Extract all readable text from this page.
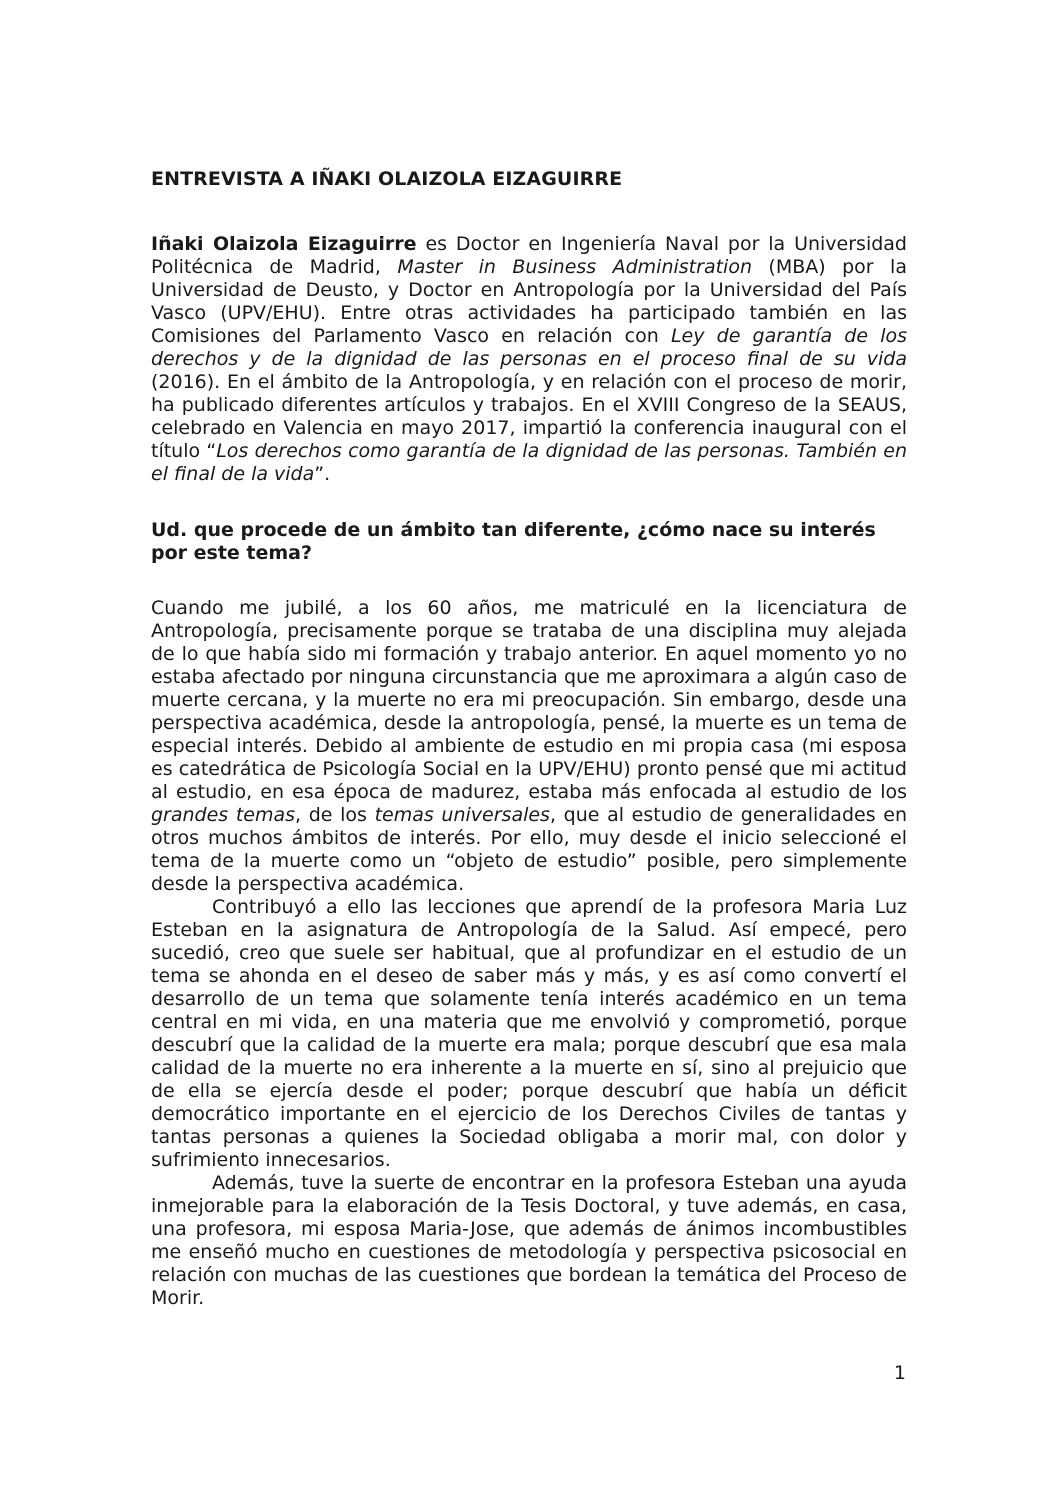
ENTREVISTA A IÑAKI OLAIZOLA EIZAGUIRRE

Iñaki Olaizola Eizaguirre es Doctor en Ingeniería Naval por la Universidad Politécnica de Madrid, Master in Business Administration (MBA) por la Universidad de Deusto, y Doctor en Antropología por la Universidad del País Vasco (UPV/EHU). Entre otras actividades ha participado también en las Comisiones del Parlamento Vasco en relación con Ley de garantía de los derechos y de la dignidad de las personas en el proceso final de su vida (2016). En el ámbito de la Antropología, y en relación con el proceso de morir, ha publicado diferentes artículos y trabajos. En el XVIII Congreso de la SEAUS, celebrado en Valencia en mayo 2017, impartió la conferencia inaugural con el título “Los derechos como garantía de la dignidad de las personas. También en el final de la vida”.

Ud. que procede de un ámbito tan diferente, ¿cómo nace su interés por este tema?

Cuando me jubilé, a los 60 años, me matriculé en la licenciatura de Antropología, precisamente porque se trataba de una disciplina muy alejada de lo que había sido mi formación y trabajo anterior. En aquel momento yo no estaba afectado por ninguna circunstancia que me aproximara a algún caso de muerte cercana, y la muerte no era mi preocupación. Sin embargo, desde una perspectiva académica, desde la antropología, pensé, la muerte es un tema de especial interés. Debido al ambiente de estudio en mi propia casa (mi esposa es catedrática de Psicología Social en la UPV/EHU) pronto pensé que mi actitud al estudio, en esa época de madurez, estaba más enfocada al estudio de los grandes temas, de los temas universales, que al estudio de generalidades en otros muchos ámbitos de interés. Por ello, muy desde el inicio seleccioné el tema de la muerte como un “objeto de estudio” posible, pero simplemente desde la perspectiva académica.

Contribuyó a ello las lecciones que aprendí de la profesora Maria Luz Esteban en la asignatura de Antropología de la Salud. Así empecé, pero sucedió, creo que suele ser habitual, que al profundizar en el estudio de un tema se ahonda en el deseo de saber más y más, y es así como convertí el desarrollo de un tema que solamente tenía interés académico en un tema central en mi vida, en una materia que me envolvió y comprometió, porque descubrí que la calidad de la muerte era mala; porque descubrí que esa mala calidad de la muerte no era inherente a la muerte en sí, sino al prejuicio que de ella se ejercía desde el poder; porque descubrí que había un déficit democrático importante en el ejercicio de los Derechos Civiles de tantas y tantas personas a quienes la Sociedad obligaba a morir mal, con dolor y sufrimiento innecesarios.

Además, tuve la suerte de encontrar en la profesora Esteban una ayuda inmejorable para la elaboración de la Tesis Doctoral, y tuve además, en casa, una profesora, mi esposa Maria-Jose, que además de ánimos incombustibles me enseñó mucho en cuestiones de metodología y perspectiva psicosocial en relación con muchas de las cuestiones que bordean la temática del Proceso de Morir.

1
